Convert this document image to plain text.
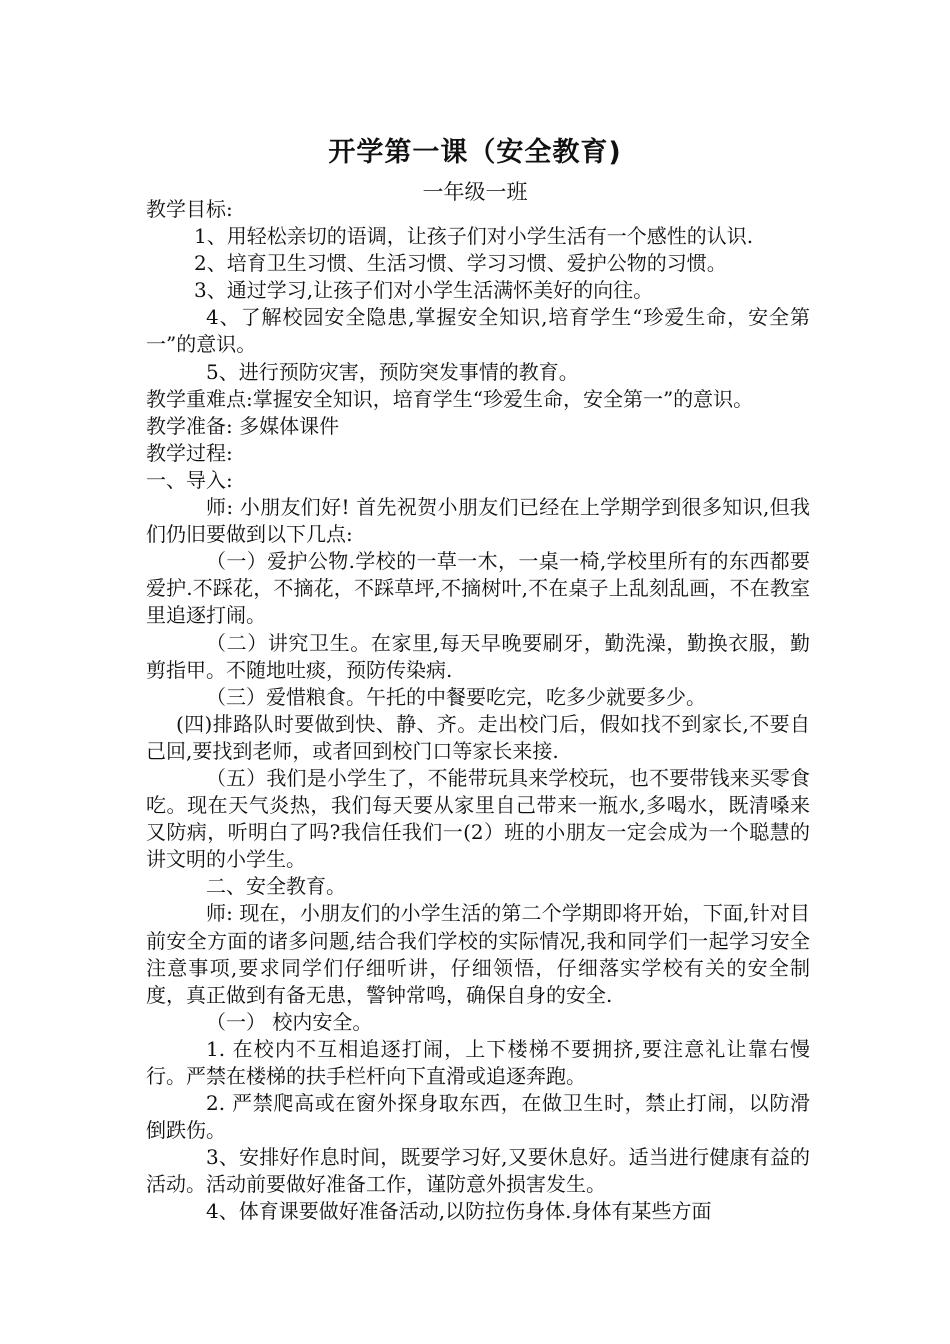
开学第一课（安全教育)
一年级一班

教学目标:

1、用轻松亲切的语调，让孩子们对小学生活有一个感性的认识.

2、培育卫生习惯、生活习惯、学习习惯、爱护公物的习惯。

3、通过学习,让孩子们对小学生活满怀美好的向往。

4、了解校园安全隐患,掌握安全知识,培育学生“珍爱生命，安全第一”的意识。

5、进行预防灾害，预防突发事情的教育。

教学重难点:掌握安全知识，培育学生“珍爱生命，安全第一”的意识。

教学准备: 多媒体课件

教学过程:

一、导入:

师: 小朋友们好! 首先祝贺小朋友们已经在上学期学到很多知识,但我们仍旧要做到以下几点:

（一）爱护公物.学校的一草一木，一桌一椅,学校里所有的东西都要爱护.不踩花，不摘花，不踩草坪,不摘树叶,不在桌子上乱刻乱画，不在教室里追逐打闹。

（二）讲究卫生。在家里,每天早晚要刷牙，勤洗澡，勤换衣服，勤剪指甲。不随地吐痰，预防传染病.

（三）爱惜粮食。午托的中餐要吃完，吃多少就要多少。

(四)排路队时要做到快、静、齐。走出校门后，假如找不到家长,不要自己回,要找到老师，或者回到校门口等家长来接.

（五）我们是小学生了，不能带玩具来学校玩，也不要带钱来买零食吃。现在天气炎热，我们每天要从家里自己带来一瓶水,多喝水，既清嗓来又防病，听明白了吗?我信任我们一(2）班的小朋友一定会成为一个聪慧的讲文明的小学生。

二、安全教育。

师: 现在，小朋友们的小学生活的第二个学期即将开始，下面,针对目前安全方面的诸多问题,结合我们学校的实际情况,我和同学们一起学习安全注意事项,要求同学们仔细听讲，仔细领悟，仔细落实学校有关的安全制度，真正做到有备无患，警钟常鸣，确保自身的安全.

（一） 校内安全。

1. 在校内不互相追逐打闹，上下楼梯不要拥挤,要注意礼让靠右慢行。严禁在楼梯的扶手栏杆向下直滑或追逐奔跑。

2. 严禁爬高或在窗外探身取东西，在做卫生时，禁止打闹，以防滑倒跌伤。

3、安排好作息时间，既要学习好,又要休息好。适当进行健康有益的活动。活动前要做好准备工作，谨防意外损害发生。

4、体育课要做好准备活动,以防拉伤身体.身体有某些方面
